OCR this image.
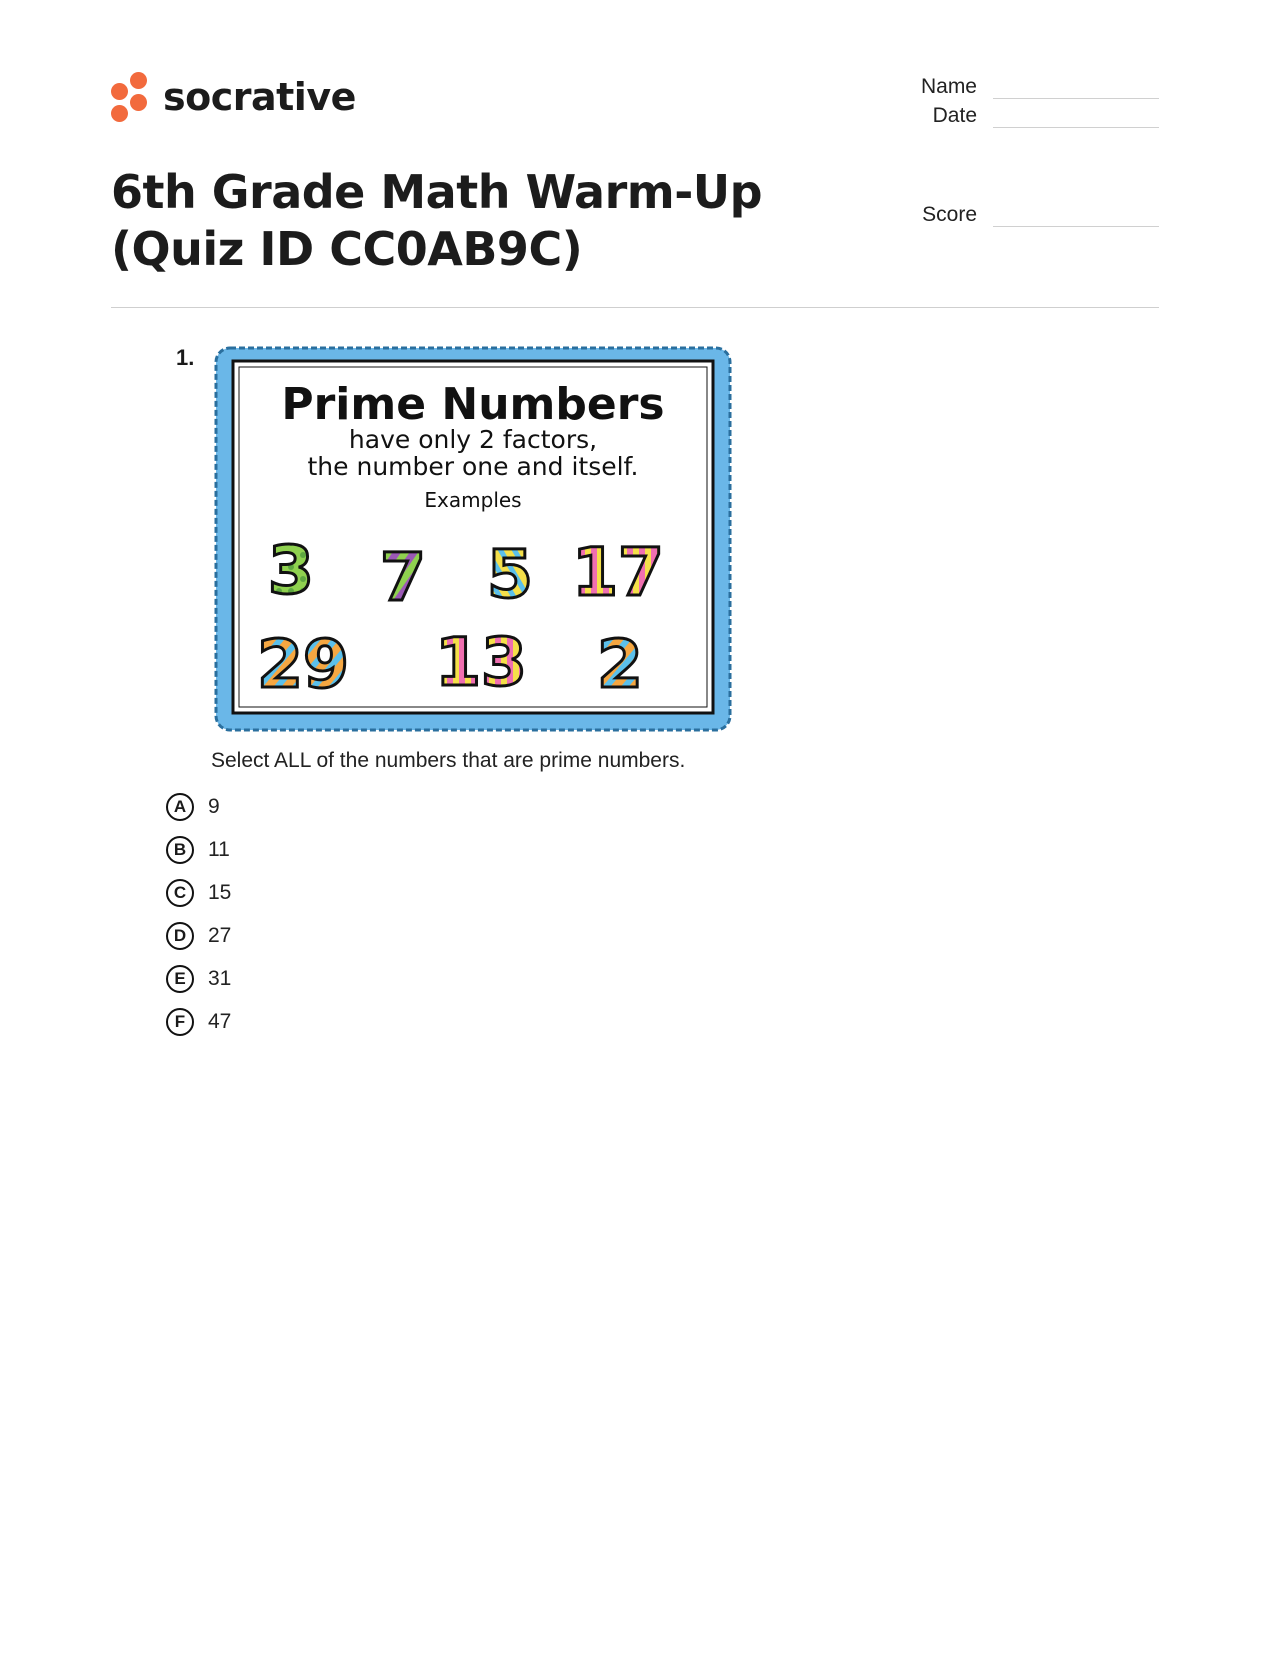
socrative	Name
Date
Score
6th Grade Math Warm-Up (Quiz ID CC0AB9C)
1.
Prime Numbers
have only 2 factors,
the number one and itself.
Examples
3 7 5 17
29 13 2
Select ALL of the numbers that are prime numbers.
A	9
B	11
C	15
D	27
E	31
F	47
